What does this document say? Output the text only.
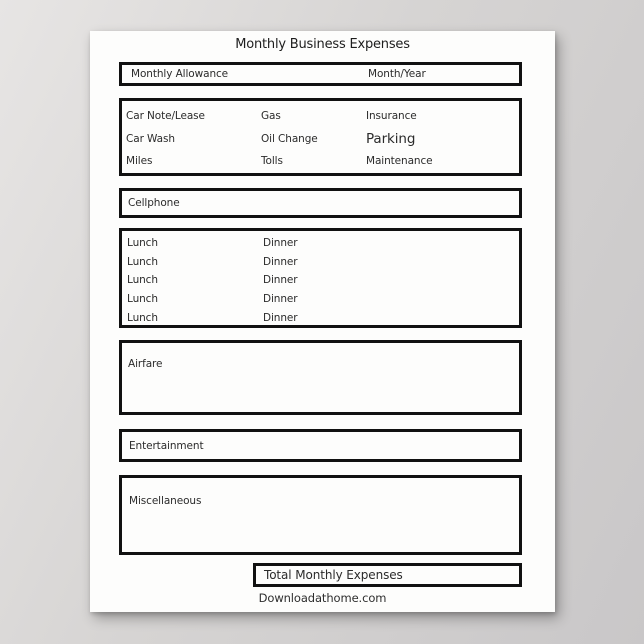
Monthly Business Expenses
Monthly Allowance	Month/Year
Car Note/Lease	Gas	Insurance
Car Wash	Oil Change	Parking
Miles	Tolls	Maintenance
Cellphone
Lunch	Dinner
Lunch	Dinner
Lunch	Dinner
Lunch	Dinner
Lunch	Dinner
Airfare
Entertainment
Miscellaneous
Total Monthly Expenses
Downloadathome.com
